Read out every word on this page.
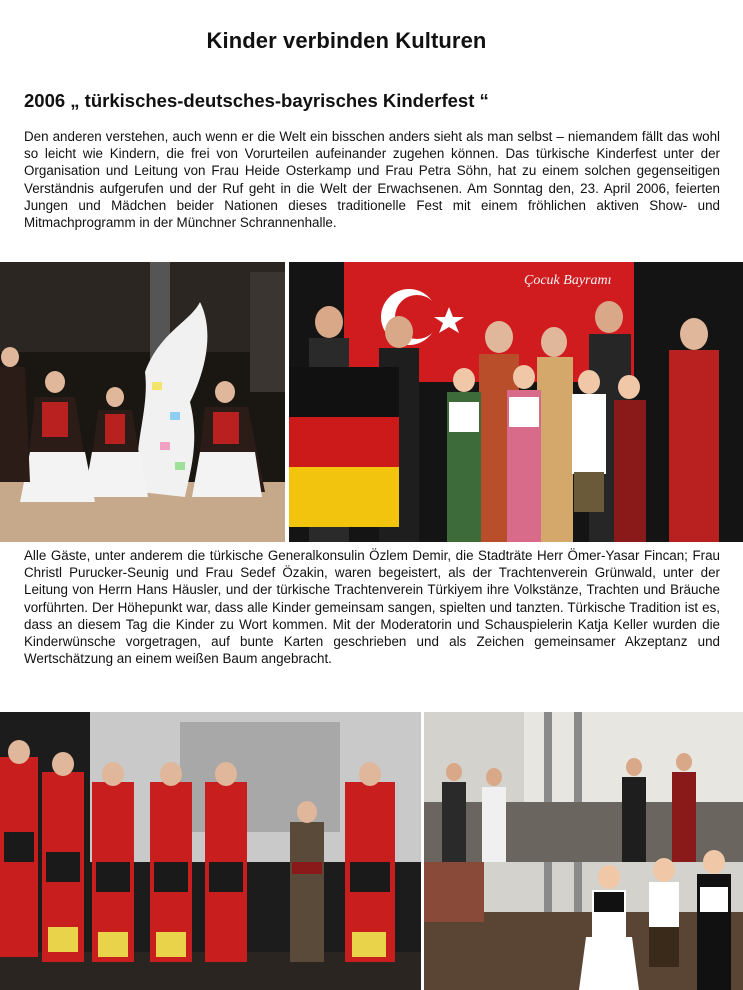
Kinder verbinden Kulturen
2006 „ türkisches-deutsches-bayrisches Kinderfest “

Den anderen verstehen, auch wenn er die Welt ein bisschen anders sieht als man selbst – niemandem fällt das wohl so leicht wie Kindern, die frei von Vorurteilen aufeinander zugehen können. Das türkische Kinderfest unter der Organisation und Leitung von Frau Heide Osterkamp und Frau Petra Söhn, hat zu einem solchen gegenseitigen Verständnis aufgerufen und der Ruf geht in die Welt der Erwachsenen. Am Sonntag den, 23. April 2006, feierten Jungen und Mädchen beider Nationen dieses traditionelle Fest mit einem fröhlichen aktiven Show- und Mitmachprogramm in der Münchner Schrannenhalle.

Çocuk Bayramı

Alle Gäste, unter anderem die türkische Generalkonsulin Özlem Demir, die Stadträte Herr Ömer-Yasar Fincan; Frau Christl Purucker-Seunig und Frau Sedef Özakin, waren begeistert, als der Trachtenverein Grünwald, unter der Leitung von Herrn Hans Häusler, und der türkische Trachtenverein Türkiyem ihre Volkstänze, Trachten und Bräuche vorführten. Der Höhepunkt war, dass alle Kinder gemeinsam sangen, spielten und tanzten. Türkische Tradition ist es, dass an diesem Tag die Kinder zu Wort kommen. Mit der Moderatorin und Schauspielerin Katja Keller wurden die Kinderwünsche vorgetragen, auf bunte Karten geschrieben und als Zeichen gemeinsamer Akzeptanz und Wertschätzung an einem weißen Baum angebracht.
